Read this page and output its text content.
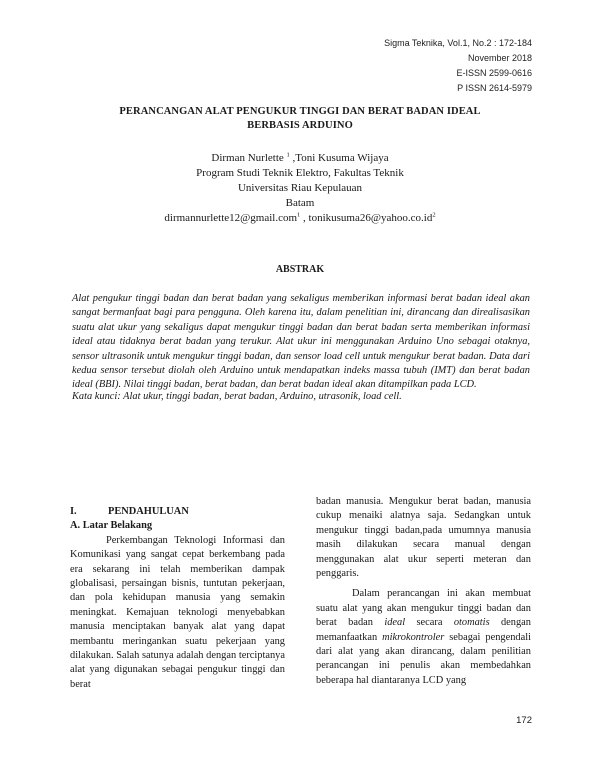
Sigma Teknika, Vol.1, No.2 : 172-184
November 2018
E-ISSN 2599-0616
P ISSN 2614-5979
PERANCANGAN ALAT PENGUKUR TINGGI DAN BERAT BADAN IDEAL
BERBASIS ARDUINO
Dirman Nurlette $^1$ ,Toni Kusuma Wijaya
Program Studi Teknik Elektro, Fakultas Teknik
Universitas Riau Kepulauan
Batam
dirmannurlette12@gmail.com$^1$ , $tonikusuma26@yahoo.co.id^2$
ABSTRAK
Alat pengukur tinggi badan dan berat badan yang sekaligus memberikan informasi berat badan ideal akan sangat bermanfaat bagi para pengguna. Oleh karena itu, dalam penelitian ini, dirancang dan direalisasikan suatu alat ukur yang sekaligus dapat mengukur tinggi badan dan berat badan serta memberikan informasi ideal atau tidaknya berat badan yang terukur. Alat ukur ini menggunakan Arduino Uno sebagai otaknya, sensor ultrasonik untuk mengukur tinggi badan, dan sensor load cell untuk mengukur berat badan. Data dari kedua sensor tersebut diolah oleh Arduino untuk mendapatkan indeks massa tubuh (IMT) dan berat badan ideal (BBI). Nilai tinggi badan, berat badan, dan berat badan ideal akan ditampilkan pada LCD.
Kata kunci: Alat ukur, tinggi badan, berat badan, Arduino, utrasonik, load cell.
I.	PENDAHULUAN
A. Latar Belakang

Perkembangan Teknologi Informasi dan Komunikasi yang sangat cepat berkembang pada era sekarang ini telah memberikan dampak globalisasi, persaingan bisnis, tuntutan pekerjaan, dan pola kehidupan manusia yang semakin meningkat. Kemajuan teknologi menyebabkan manusia menciptakan banyak alat yang dapat membantu meringankan suatu pekerjaan yang dilakukan. Salah satunya adalah dengan terciptanya alat yang digunakan sebagai pengukur tinggi dan berat

badan manusia. Mengukur berat badan, manusia cukup menaiki alatnya saja. Sedangkan untuk mengukur tinggi badan,pada umumnya manusia masih dilakukan secara manual dengan menggunakan alat ukur seperti meteran dan penggaris.

Dalam perancangan ini akan membuat suatu alat yang akan mengukur tinggi badan dan berat badan ideal secara otomatis dengan memanfaatkan mikrokontroler sebagai pengendali dari alat yang akan dirancang, dalam penilitian perancangan ini penulis akan membedahkan beberapa hal diantaranya LCD yang

172
